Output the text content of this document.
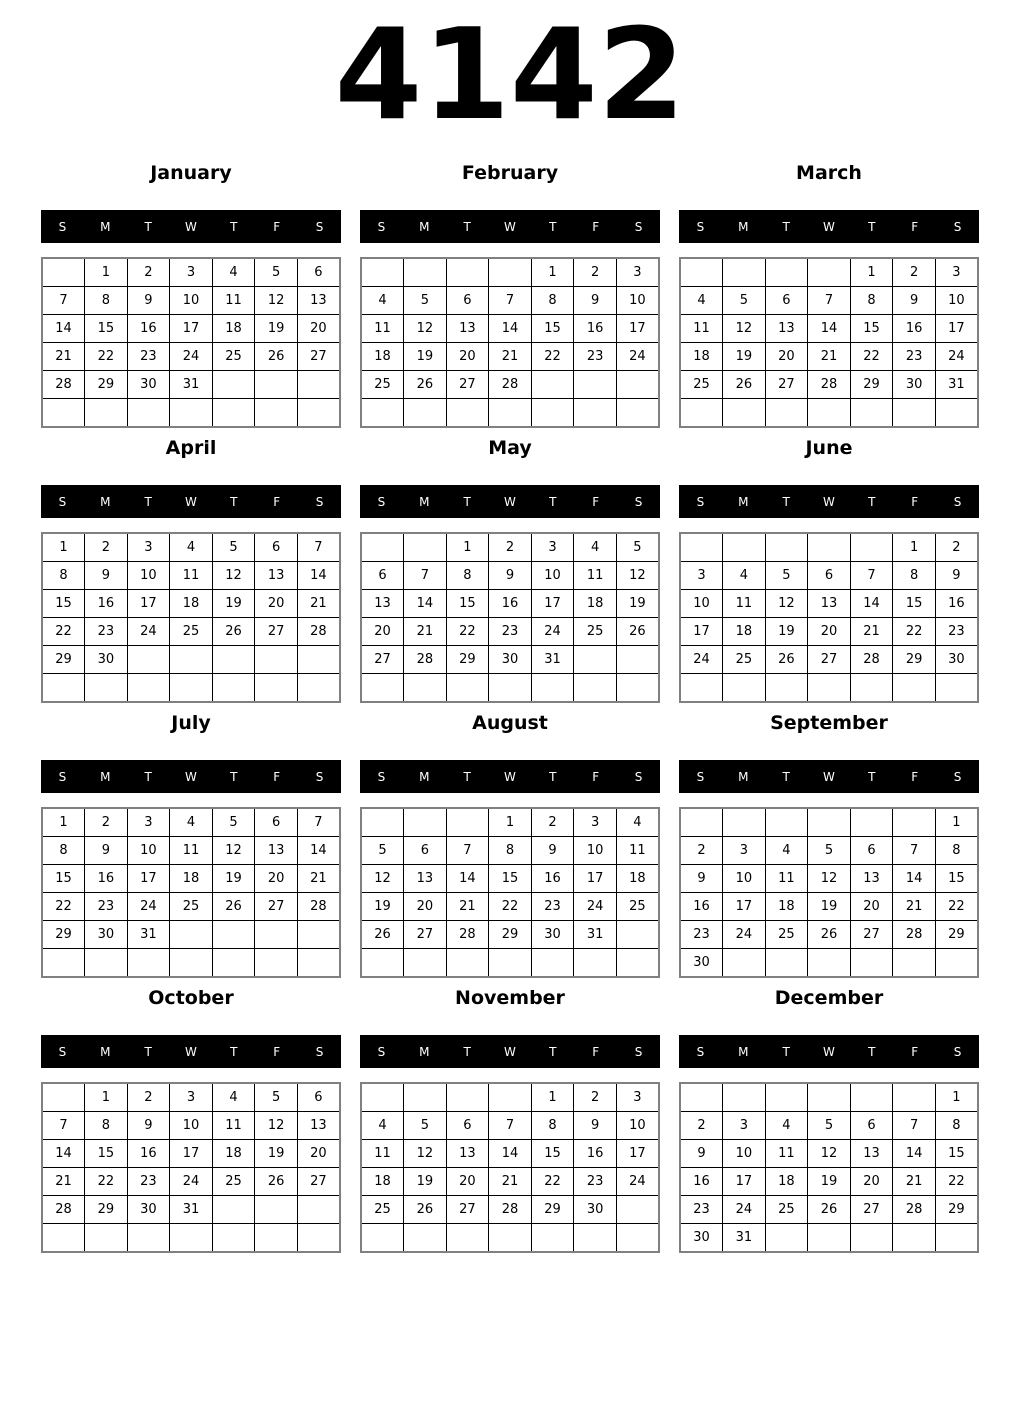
4142
January
S	M	T	W	T	F	S
	1	2	3	4	5	6
7	8	9	10	11	12	13
14	15	16	17	18	19	20
21	22	23	24	25	26	27
28	29	30	31			

February
S	M	T	W	T	F	S
				1	2	3
4	5	6	7	8	9	10
11	12	13	14	15	16	17
18	19	20	21	22	23	24
25	26	27	28			

March
S	M	T	W	T	F	S
				1	2	3
4	5	6	7	8	9	10
11	12	13	14	15	16	17
18	19	20	21	22	23	24
25	26	27	28	29	30	31

April
S	M	T	W	T	F	S
1	2	3	4	5	6	7
8	9	10	11	12	13	14
15	16	17	18	19	20	21
22	23	24	25	26	27	28
29	30					

May
S	M	T	W	T	F	S
		1	2	3	4	5
6	7	8	9	10	11	12
13	14	15	16	17	18	19
20	21	22	23	24	25	26
27	28	29	30	31		

June
S	M	T	W	T	F	S
					1	2
3	4	5	6	7	8	9
10	11	12	13	14	15	16
17	18	19	20	21	22	23
24	25	26	27	28	29	30

July
S	M	T	W	T	F	S
1	2	3	4	5	6	7
8	9	10	11	12	13	14
15	16	17	18	19	20	21
22	23	24	25	26	27	28
29	30	31				

August
S	M	T	W	T	F	S
			1	2	3	4
5	6	7	8	9	10	11
12	13	14	15	16	17	18
19	20	21	22	23	24	25
26	27	28	29	30	31	

September
S	M	T	W	T	F	S
						1
2	3	4	5	6	7	8
9	10	11	12	13	14	15
16	17	18	19	20	21	22
23	24	25	26	27	28	29
30						
October
S	M	T	W	T	F	S
	1	2	3	4	5	6
7	8	9	10	11	12	13
14	15	16	17	18	19	20
21	22	23	24	25	26	27
28	29	30	31			

November
S	M	T	W	T	F	S
				1	2	3
4	5	6	7	8	9	10
11	12	13	14	15	16	17
18	19	20	21	22	23	24
25	26	27	28	29	30	

December
S	M	T	W	T	F	S
						1
2	3	4	5	6	7	8
9	10	11	12	13	14	15
16	17	18	19	20	21	22
23	24	25	26	27	28	29
30	31					
